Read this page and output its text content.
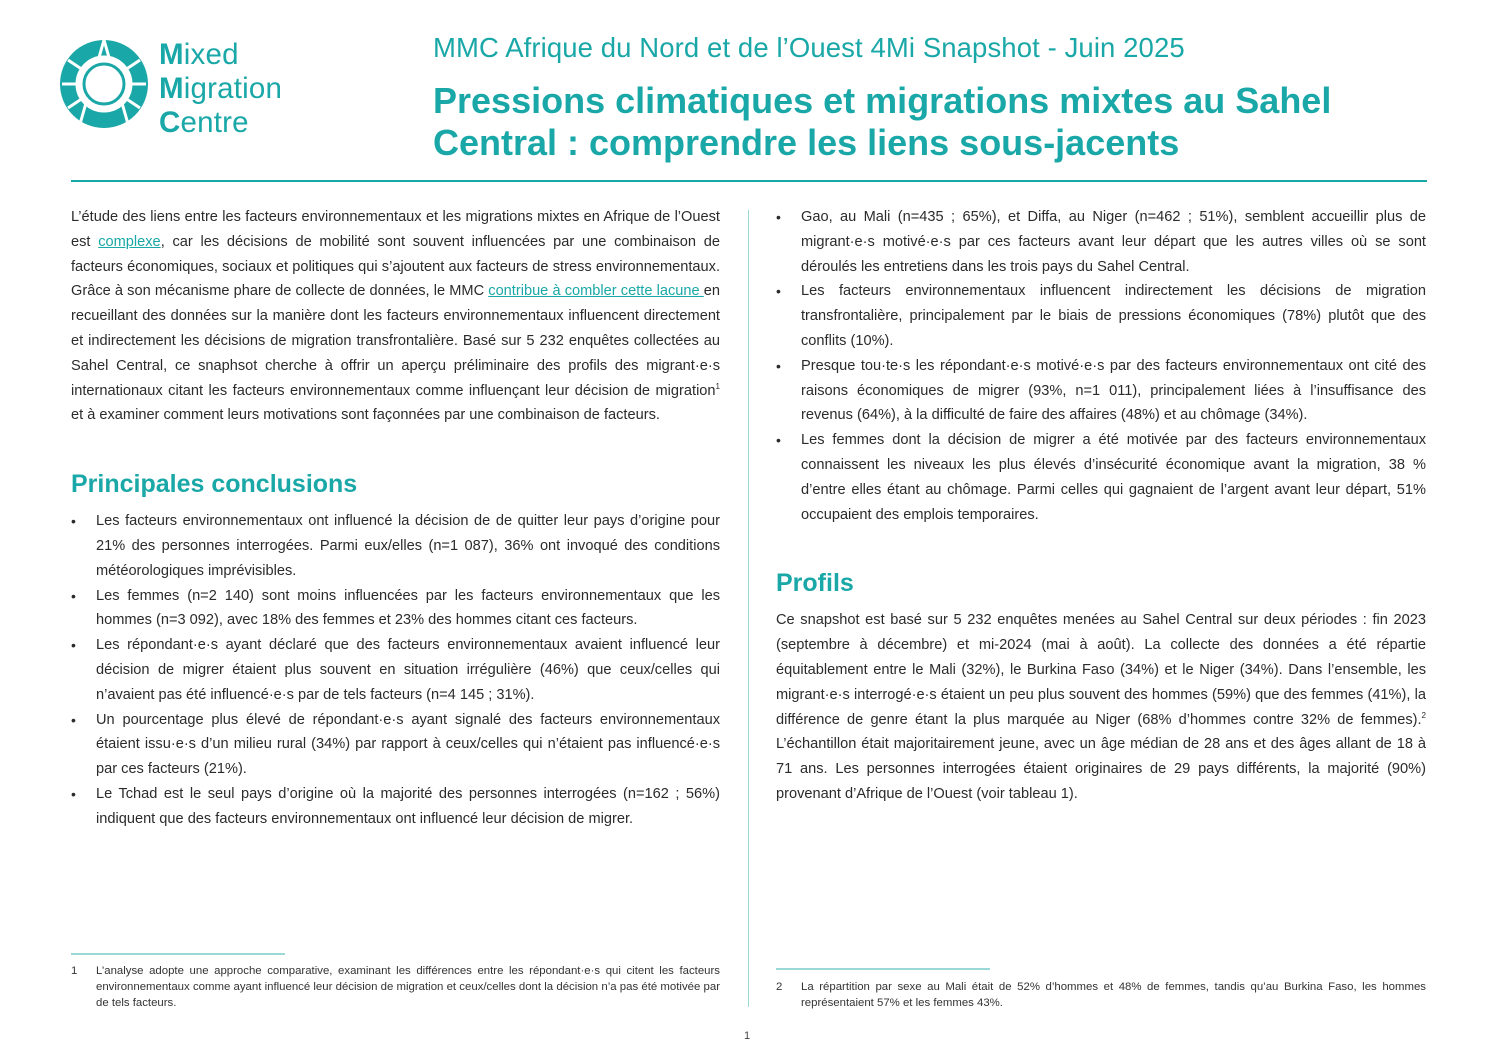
Mixed
Migration
Centre
MMC Afrique du Nord et de l’Ouest 4Mi Snapshot - Juin 2025
Pressions climatiques et migrations mixtes au Sahel Central : comprendre les liens sous-jacents

L’étude des liens entre les facteurs environnementaux et les migrations mixtes en Afrique de l’Ouest est complexe, car les décisions de mobilité sont souvent influencées par une combinaison de facteurs économiques, sociaux et politiques qui s’ajoutent aux facteurs de stress environnementaux. Grâce à son mécanisme phare de collecte de données, le MMC contribue à combler cette lacune en recueillant des données sur la manière dont les facteurs environnementaux influencent directement et indirectement les décisions de migration transfrontalière. Basé sur 5 232 enquêtes collectées au Sahel Central, ce snaphsot cherche à offrir un aperçu préliminaire des profils des migrant·e·s internationaux citant les facteurs environnementaux comme influençant leur décision de migration$^1$ et à examiner comment leurs motivations sont façonnées par une combinaison de facteurs.

Principales conclusions
• Les facteurs environnementaux ont influencé la décision de de quitter leur pays d’origine pour 21% des personnes interrogées. Parmi eux/elles (n=1 087), 36% ont invoqué des conditions météorologiques imprévisibles.
• Les femmes (n=2 140) sont moins influencées par les facteurs environnementaux que les hommes (n=3 092), avec 18% des femmes et 23% des hommes citant ces facteurs.
• Les répondant·e·s ayant déclaré que des facteurs environnementaux avaient influencé leur décision de migrer étaient plus souvent en situation irrégulière (46%) que ceux/celles qui n’avaient pas été influencé·e·s par de tels facteurs (n=4 145 ; 31%).
• Un pourcentage plus élevé de répondant·e·s ayant signalé des facteurs environnementaux étaient issu·e·s d’un milieu rural (34%) par rapport à ceux/celles qui n’étaient pas influencé·e·s par ces facteurs (21%).
• Le Tchad est le seul pays d’origine où la majorité des personnes interrogées (n=162 ; 56%) indiquent que des facteurs environnementaux ont influencé leur décision de migrer.
• Gao, au Mali (n=435 ; 65%), et Diffa, au Niger (n=462 ; 51%), semblent accueillir plus de migrant·e·s motivé·e·s par ces facteurs avant leur départ que les autres villes où se sont déroulés les entretiens dans les trois pays du Sahel Central.
• Les facteurs environnementaux influencent indirectement les décisions de migration transfrontalière, principalement par le biais de pressions économiques (78%) plutôt que des conflits (10%).
• Presque tou·te·s les répondant·e·s motivé·e·s par des facteurs environnementaux ont cité des raisons économiques de migrer (93%, n=1 011), principalement liées à l’insuffisance des revenus (64%), à la difficulté de faire des affaires (48%) et au chômage (34%).
• Les femmes dont la décision de migrer a été motivée par des facteurs environnementaux connaissent les niveaux les plus élevés d’insécurité économique avant la migration, 38 % d’entre elles étant au chômage. Parmi celles qui gagnaient de l’argent avant leur départ, 51% occupaient des emplois temporaires.
Profils

Ce snapshot est basé sur 5 232 enquêtes menées au Sahel Central sur deux périodes : fin 2023 (septembre à décembre) et mi-2024 (mai à août). La collecte des données a été répartie équitablement entre le Mali (32%), le Burkina Faso (34%) et le Niger (34%). Dans l’ensemble, les migrant·e·s interrogé·e·s étaient un peu plus souvent des hommes (59%) que des femmes (41%), la différence de genre étant la plus marquée au Niger (68% d’hommes contre 32% de femmes).$^2$ L’échantillon était majoritairement jeune, avec un âge médian de 28 ans et des âges allant de 18 à 71 ans. Les personnes interrogées étaient originaires de 29 pays différents, la majorité (90%) provenant d’Afrique de l’Ouest (voir tableau 1).

1	L’analyse adopte une approche comparative, examinant les différences entre les répondant·e·s qui citent les facteurs environnementaux comme ayant influencé leur décision de migration et ceux/celles dont la décision n’a pas été motivée par de tels facteurs.
2	La répartition par sexe au Mali était de 52% d’hommes et 48% de femmes, tandis qu’au Burkina Faso, les hommes représentaient 57% et les femmes 43%.
1
